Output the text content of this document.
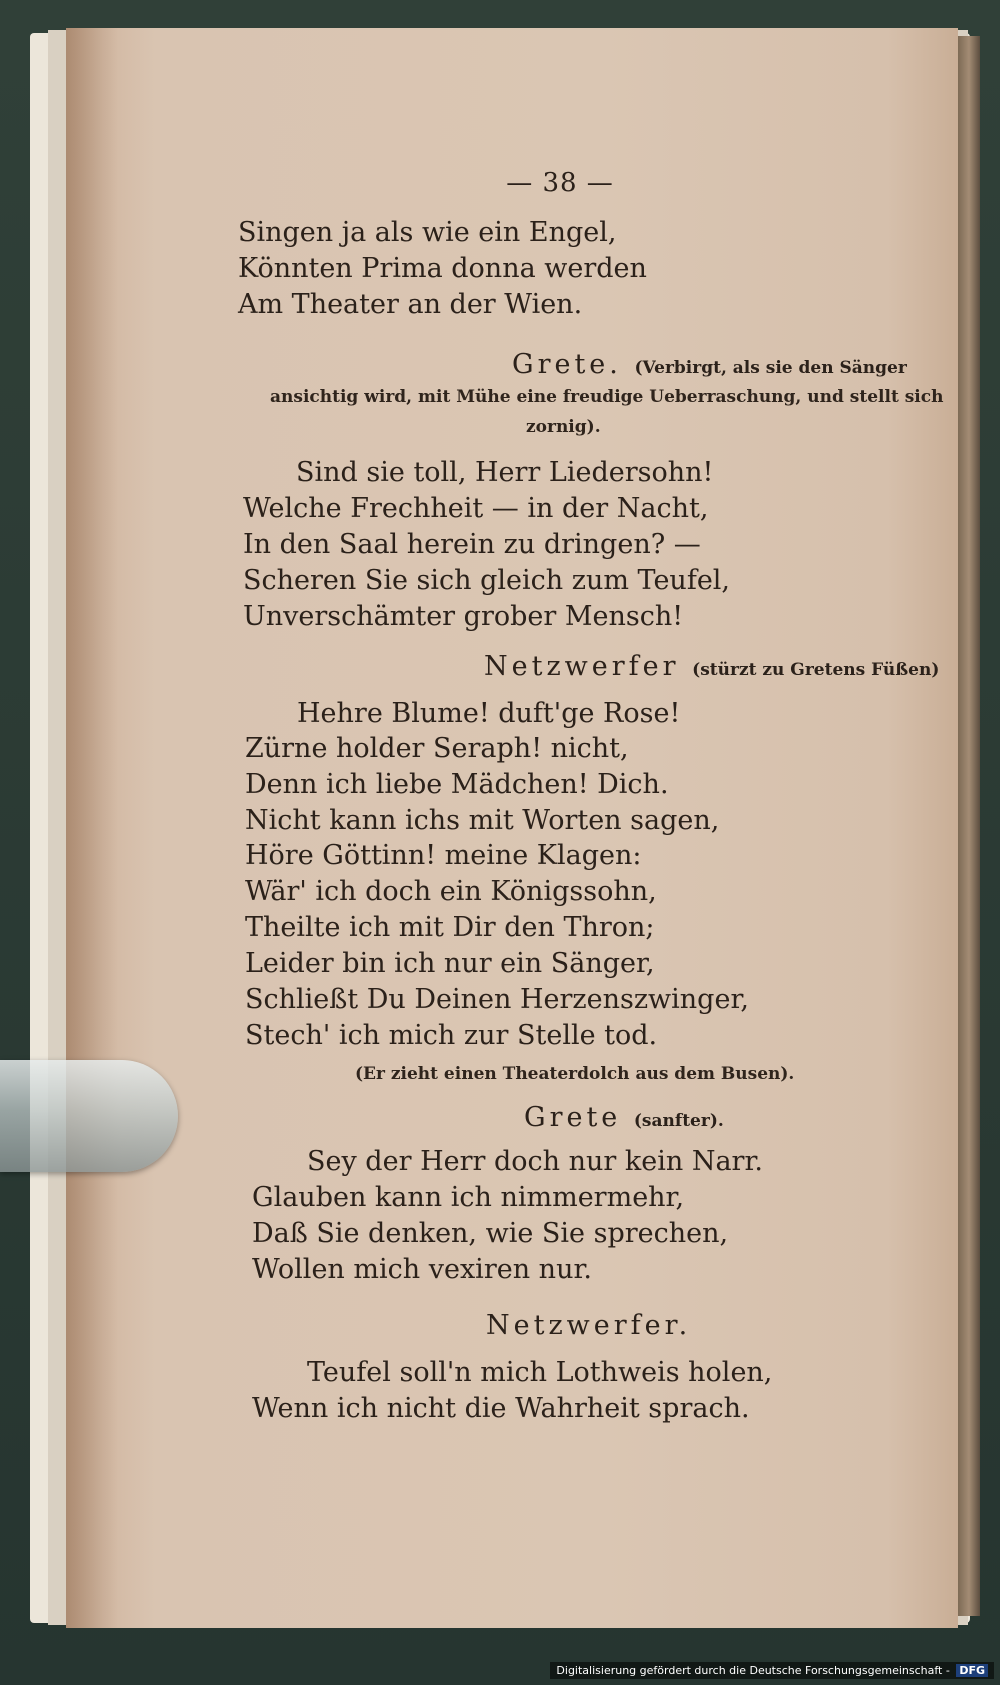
— 38 —
Singen ja als wie ein Engel,
Könnten Prima donna werden
Am Theater an der Wien.
Grete. (Verbirgt, als sie den Sänger
ansichtig wird, mit Mühe eine freudige Ueberraschung, und stellt sich
zornig).
Sind sie toll, Herr Liedersohn!
Welche Frechheit — in der Nacht,
In den Saal herein zu dringen? —
Scheren Sie sich gleich zum Teufel,
Unverschämter grober Mensch!
Netzwerfer (stürzt zu Gretens Füßen)
Hehre Blume! duft'ge Rose!
Zürne holder Seraph! nicht,
Denn ich liebe Mädchen! Dich.
Nicht kann ichs mit Worten sagen,
Höre Göttinn! meine Klagen:
Wär' ich doch ein Königssohn,
Theilte ich mit Dir den Thron;
Leider bin ich nur ein Sänger,
Schließt Du Deinen Herzenszwinger,
Stech' ich mich zur Stelle tod.
(Er zieht einen Theaterdolch aus dem Busen).
Grete (sanfter).
Sey der Herr doch nur kein Narr.
Glauben kann ich nimmermehr,
Daß Sie denken, wie Sie sprechen,
Wollen mich vexiren nur.
Netzwerfer.
Teufel soll'n mich Lothweis holen,
Wenn ich nicht die Wahrheit sprach.
Digitalisierung gefördert durch die Deutsche Forschungsgemeinschaft - DFG
